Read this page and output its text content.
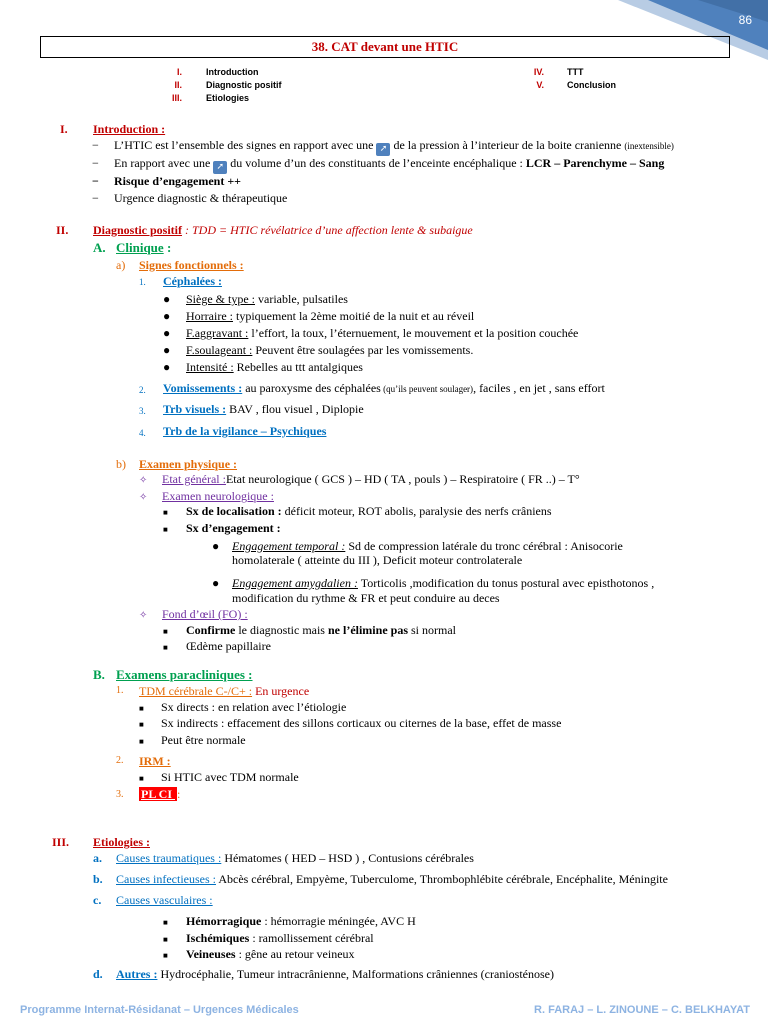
86
38. CAT devant une HTIC
I.	Introduction
II.	Diagnostic positif
III.	Etiologies
IV.	TTT
V.	Conclusion
I. Introduction :
− L’HTIC est l’ensemble des signes en rapport avec une ➚ de la pression à l’interieur de la boite cranienne (inextensible)
− En rapport avec une ➚ du volume d’un des constituants de l’enceinte encéphalique : LCR – Parenchyme – Sang
− Risque d’engagement ++
− Urgence diagnostic & thérapeutique
II. Diagnostic positif : TDD = HTIC révélatrice d’une affection lente & subaigue
A. Clinique :
a) Signes fonctionnels :
1. Céphalées :
● Siège & type : variable, pulsatiles
● Horraire : typiquement la 2ème moitié de la nuit et au réveil
● F.aggravant : l’effort, la toux, l’éternuement, le mouvement et la position couchée
● F.soulageant : Peuvent être soulagées par les vomissements.
● Intensité : Rebelles au ttt antalgiques
2. Vomissements : au paroxysme des céphalées (qu’ils peuvent soulager), faciles , en jet , sans effort
3. Trb visuels : BAV , flou visuel , Diplopie
4. Trb de la vigilance – Psychiques
b) Examen physique :
✧ Etat général :Etat neurologique ( GCS ) – HD ( TA , pouls ) – Respiratoire ( FR ..) – T°
✧ Examen neurologique :
■ Sx de localisation : déficit moteur, ROT abolis, paralysie des nerfs crâniens
■ Sx d’engagement :
● Engagement temporal : Sd de compression latérale du tronc cérébral : Anisocorie
homolaterale ( atteinte du III ), Deficit moteur controlaterale
● Engagement amygdalien : Torticolis ,modification du tonus postural avec episthotonos ,
modification du rythme & FR et peut conduire au deces
✧ Fond d’œil (FO) :
■ Confirme le diagnostic mais ne l’élimine pas si normal
■ Œdème papillaire
B. Examens paracliniques :
1. TDM cérébrale C-/C+ : En urgence
■ Sx directs : en relation avec l’étiologie
■ Sx indirects : effacement des sillons corticaux ou citernes de la base, effet de masse
■ Peut être normale
2. IRM :
■ Si HTIC avec TDM normale
3. PL CI :
III. Etiologies :
a. Causes traumatiques : Hématomes ( HED – HSD ) , Contusions cérébrales
b. Causes infectieuses : Abcès cérébral, Empyème, Tuberculome, Thrombophlébite cérébrale, Encéphalite, Méningite
c. Causes vasculaires :
■ Hémorragique : hémorragie méningée, AVC H
■ Ischémiques : ramollissement cérébral
■ Veineuses : gêne au retour veineux
d. Autres : Hydrocéphalie, Tumeur intracrânienne, Malformations crâniennes (craniosténose)
Programme Internat-Résidanat – Urgences Médicales	R. FARAJ – L. ZINOUNE – C. BELKHAYAT
